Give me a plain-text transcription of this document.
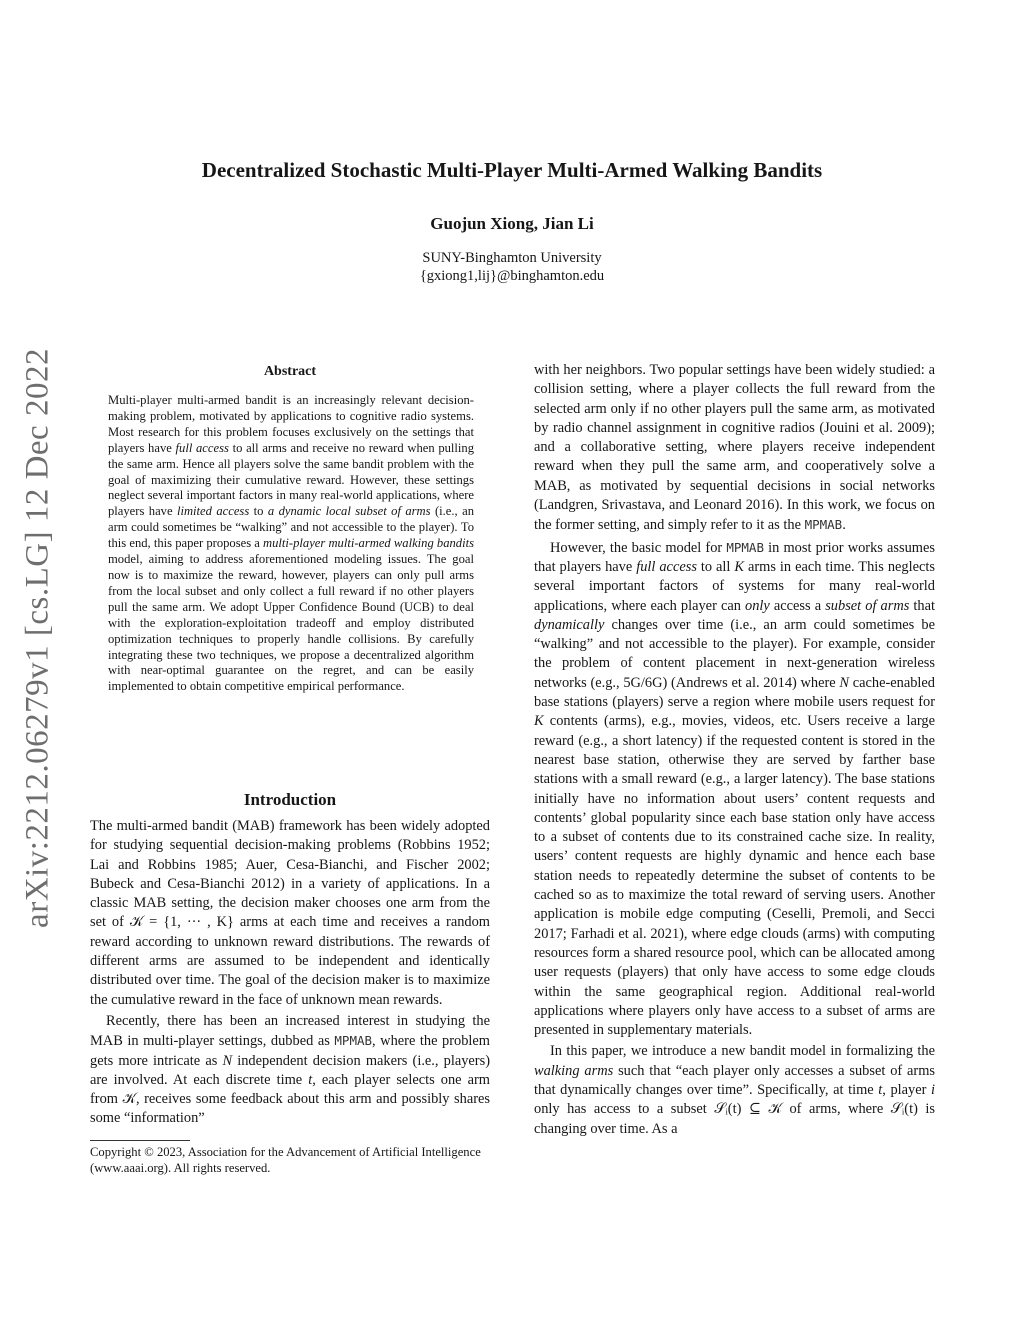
arXiv:2212.06279v1 [cs.LG] 12 Dec 2022
Decentralized Stochastic Multi-Player Multi-Armed Walking Bandits
Guojun Xiong, Jian Li
SUNY-Binghamton University
{gxiong1,lij}@binghamton.edu
Abstract
Multi-player multi-armed bandit is an increasingly relevant decision-making problem, motivated by applications to cognitive radio systems. Most research for this problem focuses exclusively on the settings that players have full access to all arms and receive no reward when pulling the same arm. Hence all players solve the same bandit problem with the goal of maximizing their cumulative reward. However, these settings neglect several important factors in many real-world applications, where players have limited access to a dynamic local subset of arms (i.e., an arm could sometimes be “walking” and not accessible to the player). To this end, this paper proposes a multi-player multi-armed walking bandits model, aiming to address aforementioned modeling issues. The goal now is to maximize the reward, however, players can only pull arms from the local subset and only collect a full reward if no other players pull the same arm. We adopt Upper Confidence Bound (UCB) to deal with the exploration-exploitation tradeoff and employ distributed optimization techniques to properly handle collisions. By carefully integrating these two techniques, we propose a decentralized algorithm with near-optimal guarantee on the regret, and can be easily implemented to obtain competitive empirical performance.
Introduction

The multi-armed bandit (MAB) framework has been widely adopted for studying sequential decision-making problems (Robbins 1952; Lai and Robbins 1985; Auer, Cesa-Bianchi, and Fischer 2002; Bubeck and Cesa-Bianchi 2012) in a variety of applications. In a classic MAB setting, the decision maker chooses one arm from the set of 𝒦 = {1, ··· , K} arms at each time and receives a random reward according to unknown reward distributions. The rewards of different arms are assumed to be independent and identically distributed over time. The goal of the decision maker is to maximize the cumulative reward in the face of unknown mean rewards.

Recently, there has been an increased interest in studying the MAB in multi-player settings, dubbed as MPMAB, where the problem gets more intricate as N independent decision makers (i.e., players) are involved. At each discrete time t, each player selects one arm from 𝒦, receives some feedback about this arm and possibly shares some “information”

Copyright © 2023, Association for the Advancement of Artificial Intelligence (www.aaai.org). All rights reserved.

with her neighbors. Two popular settings have been widely studied: a collision setting, where a player collects the full reward from the selected arm only if no other players pull the same arm, as motivated by radio channel assignment in cognitive radios (Jouini et al. 2009); and a collaborative setting, where players receive independent reward when they pull the same arm, and cooperatively solve a MAB, as motivated by sequential decisions in social networks (Landgren, Srivastava, and Leonard 2016). In this work, we focus on the former setting, and simply refer to it as the MPMAB.

However, the basic model for MPMAB in most prior works assumes that players have full access to all K arms in each time. This neglects several important factors of systems for many real-world applications, where each player can only access a subset of arms that dynamically changes over time (i.e., an arm could sometimes be “walking” and not accessible to the player). For example, consider the problem of content placement in next-generation wireless networks (e.g., 5G/6G) (Andrews et al. 2014) where N cache-enabled base stations (players) serve a region where mobile users request for K contents (arms), e.g., movies, videos, etc. Users receive a large reward (e.g., a short latency) if the requested content is stored in the nearest base station, otherwise they are served by farther base stations with a small reward (e.g., a larger latency). The base stations initially have no information about users’ content requests and contents’ global popularity since each base station only have access to a subset of contents due to its constrained cache size. In reality, users’ content requests are highly dynamic and hence each base station needs to repeatedly determine the subset of contents to be cached so as to maximize the total reward of serving users. Another application is mobile edge computing (Ceselli, Premoli, and Secci 2017; Farhadi et al. 2021), where edge clouds (arms) with computing resources form a shared resource pool, which can be allocated among user requests (players) that only have access to some edge clouds within the same geographical region. Additional real-world applications where players only have access to a subset of arms are presented in supplementary materials.

In this paper, we introduce a new bandit model in formalizing the walking arms such that “each player only accesses a subset of arms that dynamically changes over time”. Specifically, at time t, player i only has access to a subset 𝒮ᵢ(t) ⊆ 𝒦 of arms, where 𝒮ᵢ(t) is changing over time. As a
